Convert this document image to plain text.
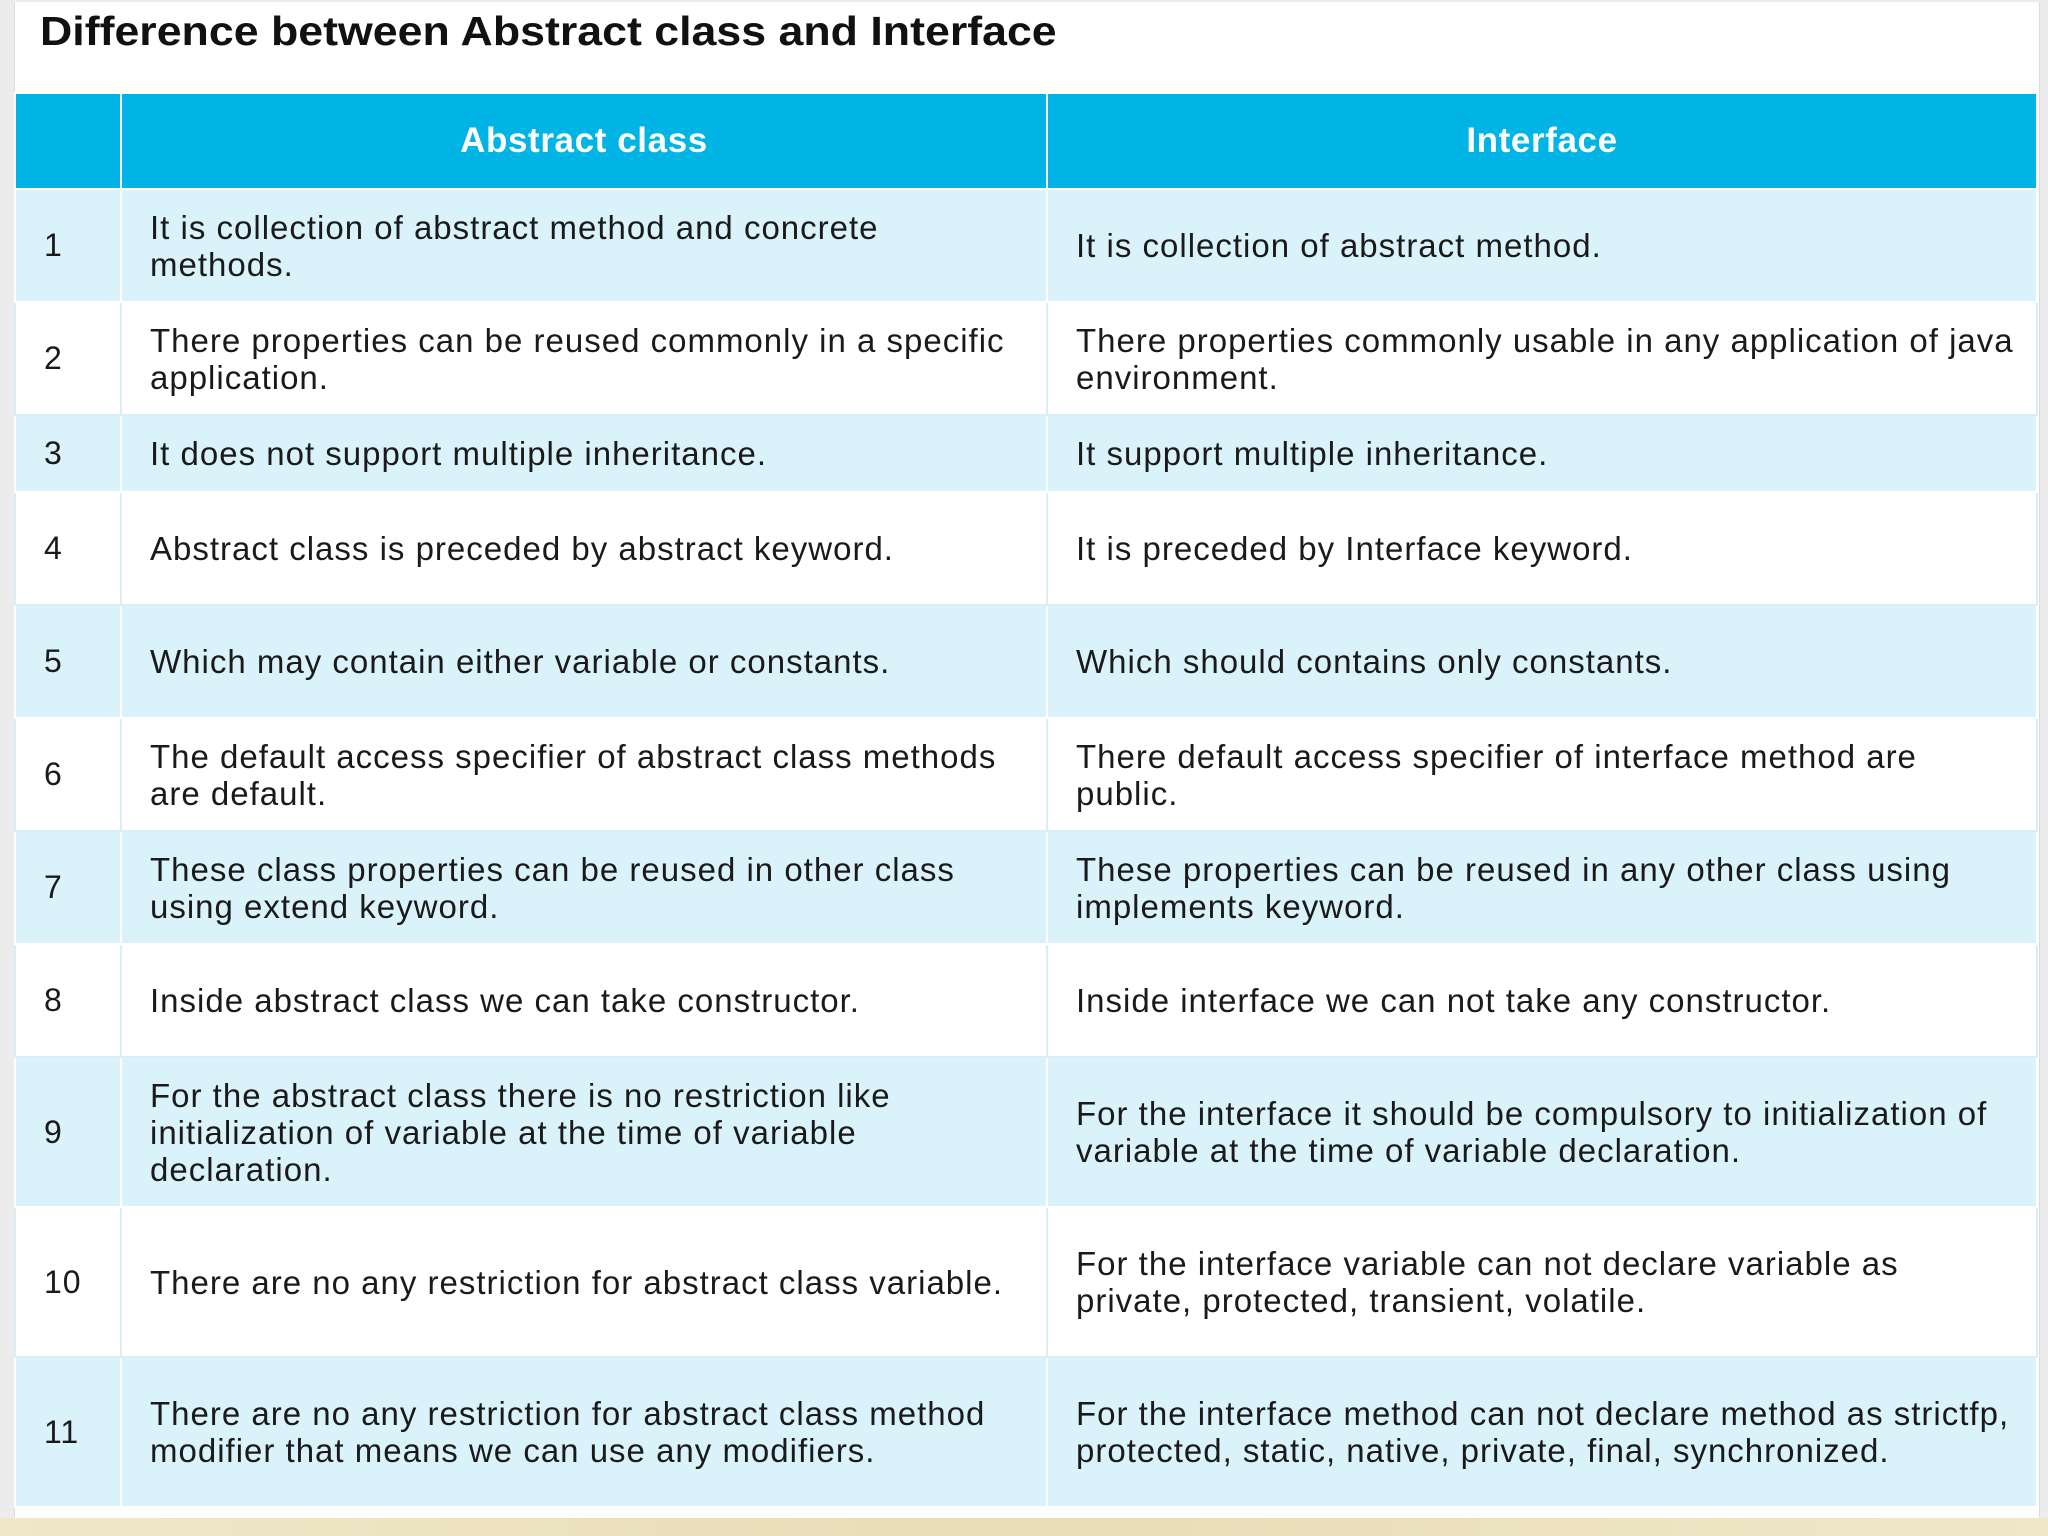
Difference between Abstract class and Interface
	Abstract class	Interface
1	It is collection of abstract method and concrete methods.	It is collection of abstract method.
2	There properties can be reused commonly in a specific application.	There properties commonly usable in any application of java environment.
3	It does not support multiple inheritance.	It support multiple inheritance.
4	Abstract class is preceded by abstract keyword.	It is preceded by Interface keyword.
5	Which may contain either variable or constants.	Which should contains only constants.
6	The default access specifier of abstract class methods are default.	There default access specifier of interface method are public.
7	These class properties can be reused in other class using extend keyword.	These properties can be reused in any other class using implements keyword.
8	Inside abstract class we can take constructor.	Inside interface we can not take any constructor.
9	For the abstract class there is no restriction like initialization of variable at the time of variable declaration.	For the interface it should be compulsory to initialization of variable at the time of variable declaration.
10	There are no any restriction for abstract class variable.	For the interface variable can not declare variable as private, protected, transient, volatile.
11	There are no any restriction for abstract class method modifier that means we can use any modifiers.	For the interface method can not declare method as strictfp, protected, static, native, private, final, synchronized.
